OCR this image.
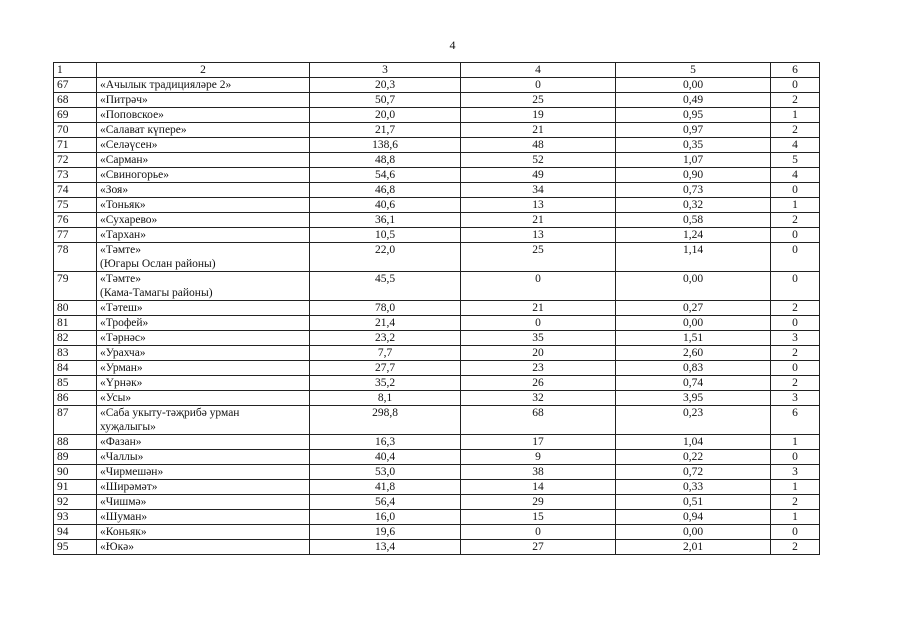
4
1	2	3	4	5	6
67	«Ачылык традицияләре 2»	20,3	0	0,00	0
68	«Питрәч»	50,7	25	0,49	2
69	«Поповское»	20,0	19	0,95	1
70	«Салават күпере»	21,7	21	0,97	2
71	«Селәүсен»	138,6	48	0,35	4
72	«Сарман»	48,8	52	1,07	5
73	«Свиногорье»	54,6	49	0,90	4
74	«Зоя»	46,8	34	0,73	0
75	«Тоньяк»	40,6	13	0,32	1
76	«Сухарево»	36,1	21	0,58	2
77	«Тархан»	10,5	13	1,24	0
78	«Тәмте»
(Югары Ослан районы)	22,0	25	1,14	0
79	«Тәмте»
(Кама-Тамагы районы)	45,5	0	0,00	0
80	«Тәтеш»	78,0	21	0,27	2
81	«Трофей»	21,4	0	0,00	0
82	«Тәрнәс»	23,2	35	1,51	3
83	«Урахча»	7,7	20	2,60	2
84	«Урман»	27,7	23	0,83	0
85	«Үрнәк»	35,2	26	0,74	2
86	«Усы»	8,1	32	3,95	3
87	«Саба укыту-тәҗрибә урман
хуҗалыгы»	298,8	68	0,23	6
88	«Фазан»	16,3	17	1,04	1
89	«Чаллы»	40,4	9	0,22	0
90	«Чирмешән»	53,0	38	0,72	3
91	«Ширәмәт»	41,8	14	0,33	1
92	«Чишмә»	56,4	29	0,51	2
93	«Шуман»	16,0	15	0,94	1
94	«Коньяк»	19,6	0	0,00	0
95	«Юкә»	13,4	27	2,01	2
